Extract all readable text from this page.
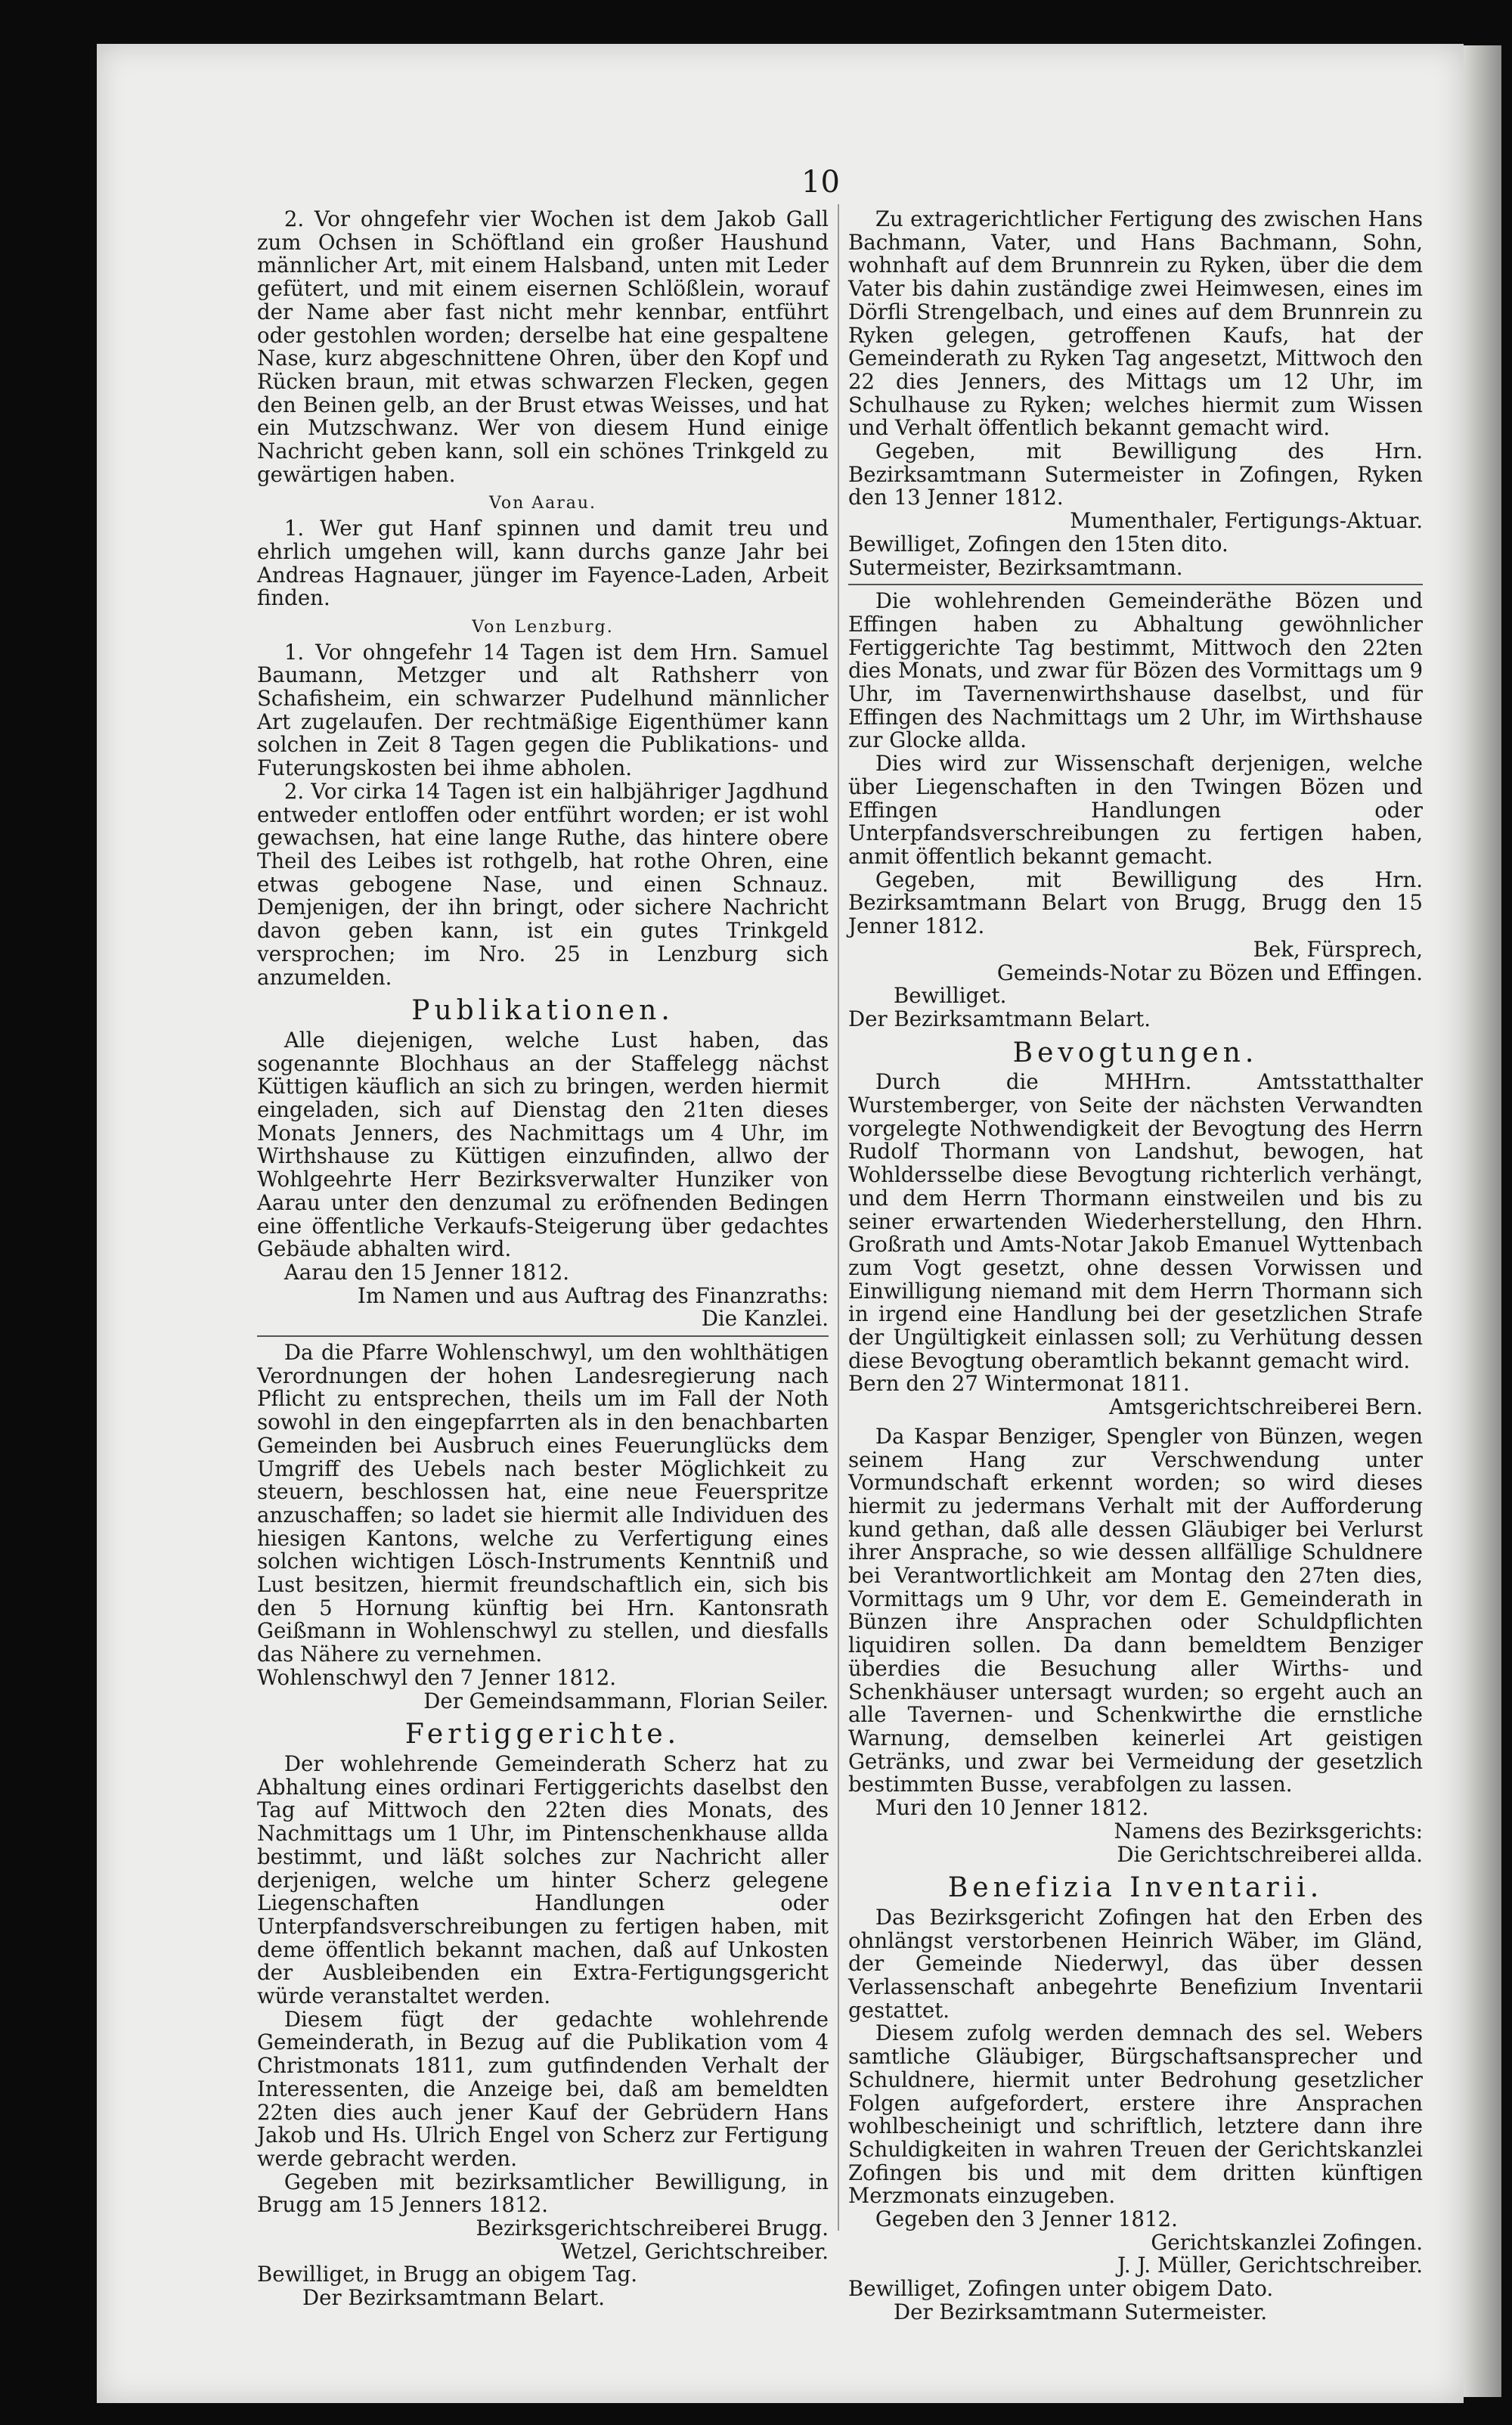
10

2. Vor ohngefehr vier Wochen ist dem Jakob Gall zum Ochsen in Schöftland ein großer Haushund männlicher Art, mit einem Halsband, unten mit Leder gefütert, und mit einem eisernen Schlößlein, worauf der Name aber fast nicht mehr kennbar, entführt oder gestohlen worden; derselbe hat eine gespaltene Nase, kurz abgeschnittene Ohren, über den Kopf und Rücken braun, mit etwas schwarzen Flecken, gegen den Beinen gelb, an der Brust etwas Weisses, und hat ein Mutzschwanz. Wer von diesem Hund einige Nachricht geben kann, soll ein schönes Trinkgeld zu gewärtigen haben.

Von Aarau.

1. Wer gut Hanf spinnen und damit treu und ehrlich umgehen will, kann durchs ganze Jahr bei Andreas Hagnauer, jünger im Fayence-Laden, Arbeit finden.

Von Lenzburg.

1. Vor ohngefehr 14 Tagen ist dem Hrn. Samuel Baumann, Metzger und alt Rathsherr von Schafisheim, ein schwarzer Pudelhund männlicher Art zugelaufen. Der rechtmäßige Eigenthümer kann solchen in Zeit 8 Tagen gegen die Publikations- und Futerungskosten bei ihme abholen.

2. Vor cirka 14 Tagen ist ein halbjähriger Jagdhund entweder entloffen oder entführt worden; er ist wohl gewachsen, hat eine lange Ruthe, das hintere obere Theil des Leibes ist rothgelb, hat rothe Ohren, eine etwas gebogene Nase, und einen Schnauz. Demjenigen, der ihn bringt, oder sichere Nachricht davon geben kann, ist ein gutes Trinkgeld versprochen; im Nro. 25 in Lenzburg sich anzumelden.

Publikationen.

Alle diejenigen, welche Lust haben, das sogenannte Blochhaus an der Staffelegg nächst Küttigen käuflich an sich zu bringen, werden hiermit eingeladen, sich auf Dienstag den 21ten dieses Monats Jenners, des Nachmittags um 4 Uhr, im Wirthshause zu Küttigen einzufinden, allwo der Wohlgeehrte Herr Bezirksverwalter Hunziker von Aarau unter den denzumal zu eröfnenden Bedingen eine öffentliche Verkaufs-Steigerung über gedachtes Gebäude abhalten wird.

Aarau den 15 Jenner 1812.

Im Namen und aus Auftrag des Finanzraths:

Die Kanzlei.

Da die Pfarre Wohlenschwyl, um den wohlthätigen Verordnungen der hohen Landesregierung nach Pflicht zu entsprechen, theils um im Fall der Noth sowohl in den eingepfarrten als in den benachbarten Gemeinden bei Ausbruch eines Feuerunglücks dem Umgriff des Uebels nach bester Möglichkeit zu steuern, beschlossen hat, eine neue Feuerspritze anzuschaffen; so ladet sie hiermit alle Individuen des hiesigen Kantons, welche zu Verfertigung eines solchen wichtigen Lösch-Instruments Kenntniß und Lust besitzen, hiermit freundschaftlich ein, sich bis den 5 Hornung künftig bei Hrn. Kantonsrath Geißmann in Wohlenschwyl zu stellen, und diesfalls das Nähere zu vernehmen.

Wohlenschwyl den 7 Jenner 1812.

Der Gemeindsammann, Florian Seiler.

Fertiggerichte.

Der wohlehrende Gemeinderath Scherz hat zu Abhaltung eines ordinari Fertiggerichts daselbst den Tag auf Mittwoch den 22ten dies Monats, des Nachmittags um 1 Uhr, im Pintenschenkhause allda bestimmt, und läßt solches zur Nachricht aller derjenigen, welche um hinter Scherz gelegene Liegenschaften Handlungen oder Unterpfandsverschreibungen zu fertigen haben, mit deme öffentlich bekannt machen, daß auf Unkosten der Ausbleibenden ein Extra-Fertigungsgericht würde veranstaltet werden.

Diesem fügt der gedachte wohlehrende Gemeinderath, in Bezug auf die Publikation vom 4 Christmonats 1811, zum gutfindenden Verhalt der Interessenten, die Anzeige bei, daß am bemeldten 22ten dies auch jener Kauf der Gebrüdern Hans Jakob und Hs. Ulrich Engel von Scherz zur Fertigung werde gebracht werden.

Gegeben mit bezirksamtlicher Bewilligung, in Brugg am 15 Jenners 1812.

Bezirksgerichtschreiberei Brugg.

Wetzel, Gerichtschreiber.

Bewilliget, in Brugg an obigem Tag.

Der Bezirksamtmann Belart.

Zu extragerichtlicher Fertigung des zwischen Hans Bachmann, Vater, und Hans Bachmann, Sohn, wohnhaft auf dem Brunnrein zu Ryken, über die dem Vater bis dahin zuständige zwei Heimwesen, eines im Dörfli Strengelbach, und eines auf dem Brunnrein zu Ryken gelegen, getroffenen Kaufs, hat der Gemeinderath zu Ryken Tag angesetzt, Mittwoch den 22 dies Jenners, des Mittags um 12 Uhr, im Schulhause zu Ryken; welches hiermit zum Wissen und Verhalt öffentlich bekannt gemacht wird.

Gegeben, mit Bewilligung des Hrn. Bezirksamtmann Sutermeister in Zofingen, Ryken den 13 Jenner 1812.

Mumenthaler, Fertigungs-Aktuar.

Bewilliget, Zofingen den 15ten dito.

Sutermeister, Bezirksamtmann.

Die wohlehrenden Gemeinderäthe Bözen und Effingen haben zu Abhaltung gewöhnlicher Fertiggerichte Tag bestimmt, Mittwoch den 22ten dies Monats, und zwar für Bözen des Vormittags um 9 Uhr, im Tavernenwirthshause daselbst, und für Effingen des Nachmittags um 2 Uhr, im Wirthshause zur Glocke allda.

Dies wird zur Wissenschaft derjenigen, welche über Liegenschaften in den Twingen Bözen und Effingen Handlungen oder Unterpfandsverschreibungen zu fertigen haben, anmit öffentlich bekannt gemacht.

Gegeben, mit Bewilligung des Hrn. Bezirksamtmann Belart von Brugg, Brugg den 15 Jenner 1812.

Bek, Fürsprech,

Gemeinds-Notar zu Bözen und Effingen.

Bewilliget.

Der Bezirksamtmann Belart.

Bevogtungen.

Durch die MHHrn. Amtsstatthalter Wurstemberger, von Seite der nächsten Verwandten vorgelegte Nothwendigkeit der Bevogtung des Herrn Rudolf Thormann von Landshut, bewogen, hat Wohldersselbe diese Bevogtung richterlich verhängt, und dem Herrn Thormann einstweilen und bis zu seiner erwartenden Wiederherstellung, den Hhrn. Großrath und Amts-Notar Jakob Emanuel Wyttenbach zum Vogt gesetzt, ohne dessen Vorwissen und Einwilligung niemand mit dem Herrn Thormann sich in irgend eine Handlung bei der gesetzlichen Strafe der Ungültigkeit einlassen soll; zu Verhütung dessen diese Bevogtung oberamtlich bekannt gemacht wird.

Bern den 27 Wintermonat 1811.

Amtsgerichtschreiberei Bern.

Da Kaspar Benziger, Spengler von Bünzen, wegen seinem Hang zur Verschwendung unter Vormundschaft erkennt worden; so wird dieses hiermit zu jedermans Verhalt mit der Aufforderung kund gethan, daß alle dessen Gläubiger bei Verlurst ihrer Ansprache, so wie dessen allfällige Schuldnere bei Verantwortlichkeit am Montag den 27ten dies, Vormittags um 9 Uhr, vor dem E. Gemeinderath in Bünzen ihre Ansprachen oder Schuldpflichten liquidiren sollen. Da dann bemeldtem Benziger überdies die Besuchung aller Wirths- und Schenkhäuser untersagt wurden; so ergeht auch an alle Tavernen- und Schenkwirthe die ernstliche Warnung, demselben keinerlei Art geistigen Getränks, und zwar bei Vermeidung der gesetzlich bestimmten Busse, verabfolgen zu lassen.

Muri den 10 Jenner 1812.

Namens des Bezirksgerichts:

Die Gerichtschreiberei allda.

Benefizia Inventarii.

Das Bezirksgericht Zofingen hat den Erben des ohnlängst verstorbenen Heinrich Wäber, im Gländ, der Gemeinde Niederwyl, das über dessen Verlassenschaft anbegehrte Benefizium Inventarii gestattet.

Diesem zufolg werden demnach des sel. Webers samtliche Gläubiger, Bürgschaftsansprecher und Schuldnere, hiermit unter Bedrohung gesetzlicher Folgen aufgefordert, erstere ihre Ansprachen wohlbescheinigt und schriftlich, letztere dann ihre Schuldigkeiten in wahren Treuen der Gerichtskanzlei Zofingen bis und mit dem dritten künftigen Merzmonats einzugeben.

Gegeben den 3 Jenner 1812.

Gerichtskanzlei Zofingen.

J. J. Müller, Gerichtschreiber.

Bewilliget, Zofingen unter obigem Dato.

Der Bezirksamtmann Sutermeister.
